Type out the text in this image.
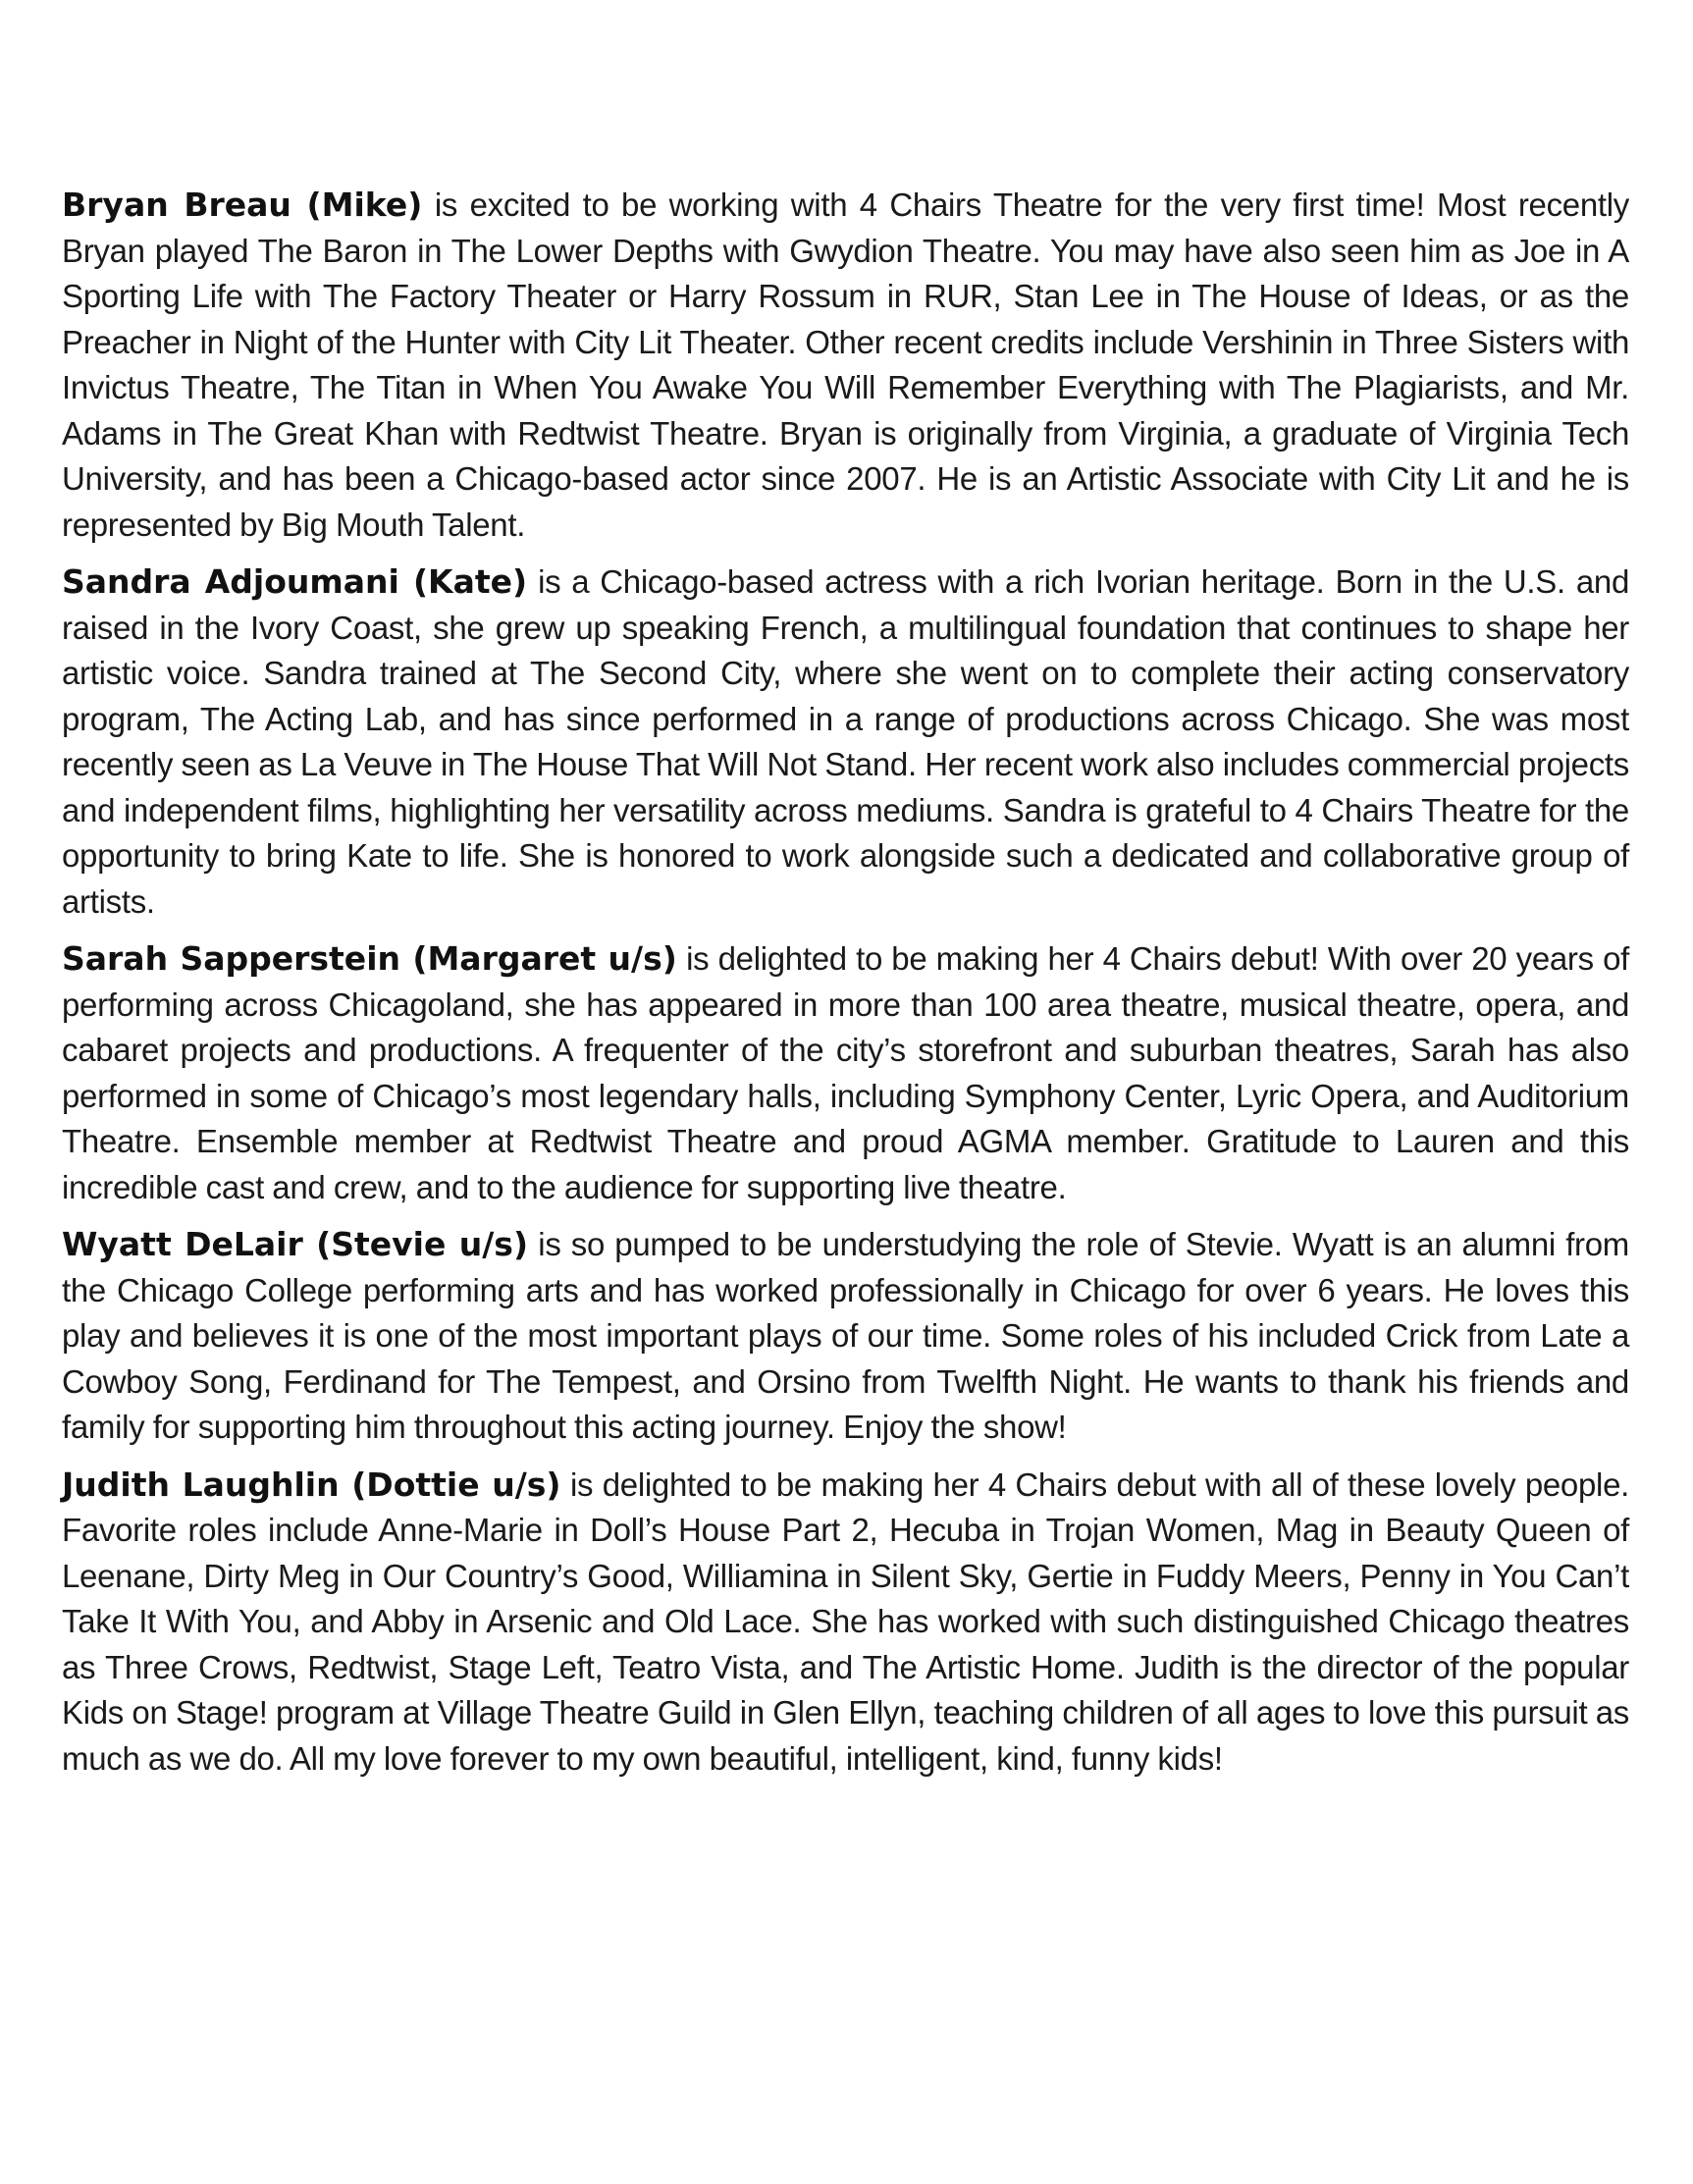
Bryan Breau (Mike) is excited to be working with 4 Chairs Theatre for the very first time! Most recently Bryan played The Baron in The Lower Depths with Gwydion Theatre. You may have also seen him as Joe in A Sporting Life with The Factory Theater or Harry Rossum in RUR, Stan Lee in The House of Ideas, or as the Preacher in Night of the Hunter with City Lit Theater. Other recent credits include Vershinin in Three Sisters with Invictus Theatre, The Titan in When You Awake You Will Remember Everything with The Plagiarists, and Mr. Adams in The Great Khan with Redtwist Theatre. Bryan is originally from Virginia, a graduate of Virginia Tech University, and has been a Chicago-based actor since 2007. He is an Artistic Associate with City Lit and he is represented by Big Mouth Talent.

Sandra Adjoumani (Kate) is a Chicago-based actress with a rich Ivorian heritage. Born in the U.S. and raised in the Ivory Coast, she grew up speaking French, a multilingual foundation that continues to shape her artistic voice. Sandra trained at The Second City, where she went on to complete their acting conservatory program, The Acting Lab, and has since performed in a range of productions across Chicago. She was most recently seen as La Veuve in The House That Will Not Stand. Her recent work also includes commercial projects and independent films, highlighting her versatility across mediums. Sandra is grateful to 4 Chairs Theatre for the opportunity to bring Kate to life. She is honored to work alongside such a dedicated and collaborative group of artists.

Sarah Sapperstein (Margaret u/s) is delighted to be making her 4 Chairs debut! With over 20 years of performing across Chicagoland, she has appeared in more than 100 area theatre, musical theatre, opera, and cabaret projects and productions. A frequenter of the city’s storefront and suburban theatres, Sarah has also performed in some of Chicago’s most legendary halls, including Symphony Center, Lyric Opera, and Auditorium Theatre. Ensemble member at Redtwist Theatre and proud AGMA member. Gratitude to Lauren and this incredible cast and crew, and to the audience for supporting live theatre.

Wyatt DeLair (Stevie u/s) is so pumped to be understudying the role of Stevie. Wyatt is an alumni from the Chicago College performing arts and has worked professionally in Chicago for over 6 years. He loves this play and believes it is one of the most important plays of our time. Some roles of his included Crick from Late a Cowboy Song, Ferdinand for The Tempest, and Orsino from Twelfth Night. He wants to thank his friends and family for supporting him throughout this acting journey. Enjoy the show!

Judith Laughlin (Dottie u/s) is delighted to be making her 4 Chairs debut with all of these lovely people. Favorite roles include Anne-Marie in Doll’s House Part 2, Hecuba in Trojan Women, Mag in Beauty Queen of Leenane, Dirty Meg in Our Country’s Good, Williamina in Silent Sky, Gertie in Fuddy Meers, Penny in You Can’t Take It With You, and Abby in Arsenic and Old Lace. She has worked with such distinguished Chicago theatres as Three Crows, Redtwist, Stage Left, Teatro Vista, and The Artistic Home. Judith is the director of the popular Kids on Stage! program at Village Theatre Guild in Glen Ellyn, teaching children of all ages to love this pursuit as much as we do. All my love forever to my own beautiful, intelligent, kind, funny kids!
